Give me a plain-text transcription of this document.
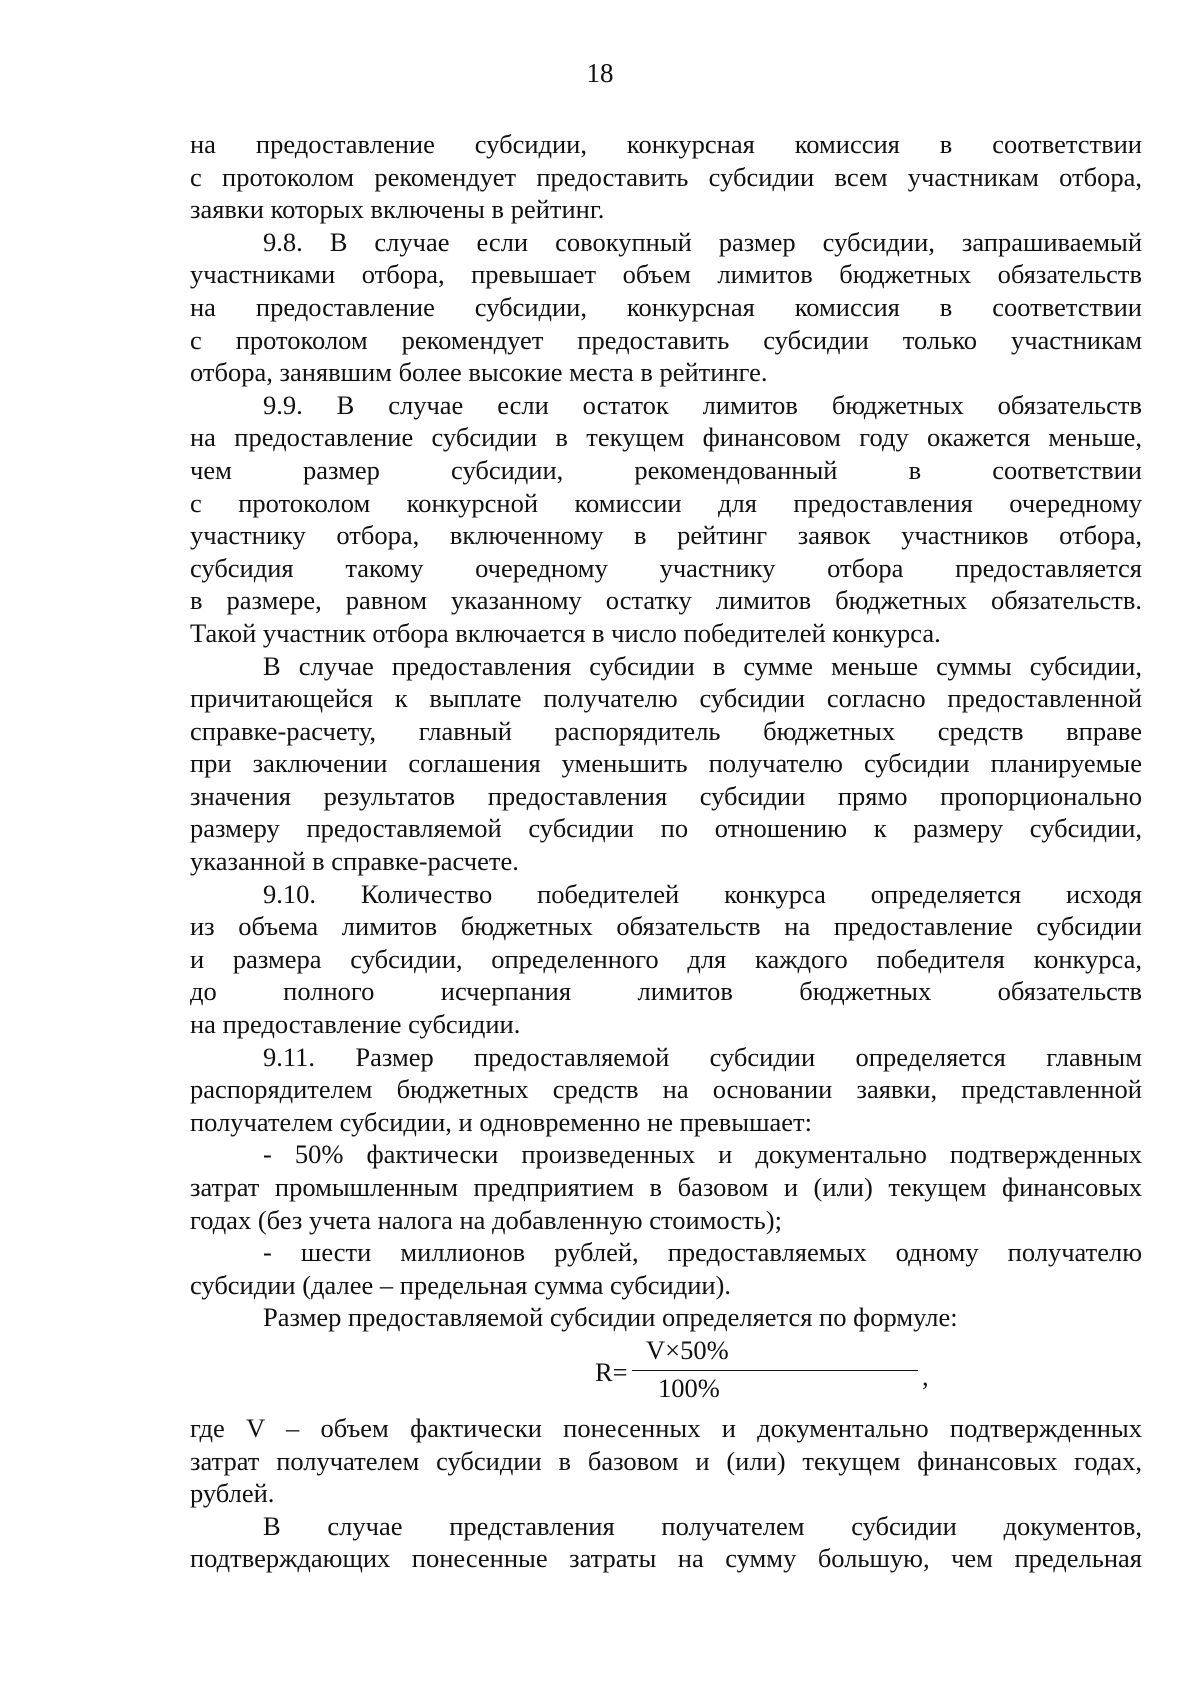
18

на предоставление субсидии, конкурсная комиссия в соответствии

с протоколом рекомендует предоставить субсидии всем участникам отбора,

заявки которых включены в рейтинг.

9.8. В случае если совокупный размер субсидии, запрашиваемый

участниками отбора, превышает объем лимитов бюджетных обязательств

на предоставление субсидии, конкурсная комиссия в соответствии

с протоколом рекомендует предоставить субсидии только участникам

отбора, занявшим более высокие места в рейтинге.

9.9. В случае если остаток лимитов бюджетных обязательств

на предоставление субсидии в текущем финансовом году окажется меньше,

чем размер субсидии, рекомендованный в соответствии

с протоколом конкурсной комиссии для предоставления очередному

участнику отбора, включенному в рейтинг заявок участников отбора,

субсидия такому очередному участнику отбора предоставляется

в размере, равном указанному остатку лимитов бюджетных обязательств.

Такой участник отбора включается в число победителей конкурса.

В случае предоставления субсидии в сумме меньше суммы субсидии,

причитающейся к выплате получателю субсидии согласно предоставленной

справке-расчету, главный распорядитель бюджетных средств вправе

при заключении соглашения уменьшить получателю субсидии планируемые

значения результатов предоставления субсидии прямо пропорционально

размеру предоставляемой субсидии по отношению к размеру субсидии,

указанной в справке-расчете.

9.10. Количество победителей конкурса определяется исходя

из объема лимитов бюджетных обязательств на предоставление субсидии

и размера субсидии, определенного для каждого победителя конкурса,

до полного исчерпания лимитов бюджетных обязательств

на предоставление субсидии.

9.11. Размер предоставляемой субсидии определяется главным

распорядителем бюджетных средств на основании заявки, представленной

получателем субсидии, и одновременно не превышает:

- 50% фактически произведенных и документально подтвержденных

затрат промышленным предприятием в базовом и (или) текущем финансовых

годах (без учета налога на добавленную стоимость);

- шести миллионов рублей, предоставляемых одному получателю

субсидии (далее – предельная сумма субсидии).

Размер предоставляемой субсидии определяется по формуле:

R=
V×50%
100%	,

где V – объем фактически понесенных и документально подтвержденных

затрат получателем субсидии в базовом и (или) текущем финансовых годах,

рублей.

В случае представления получателем субсидии документов,

подтверждающих понесенные затраты на сумму большую, чем предельная
